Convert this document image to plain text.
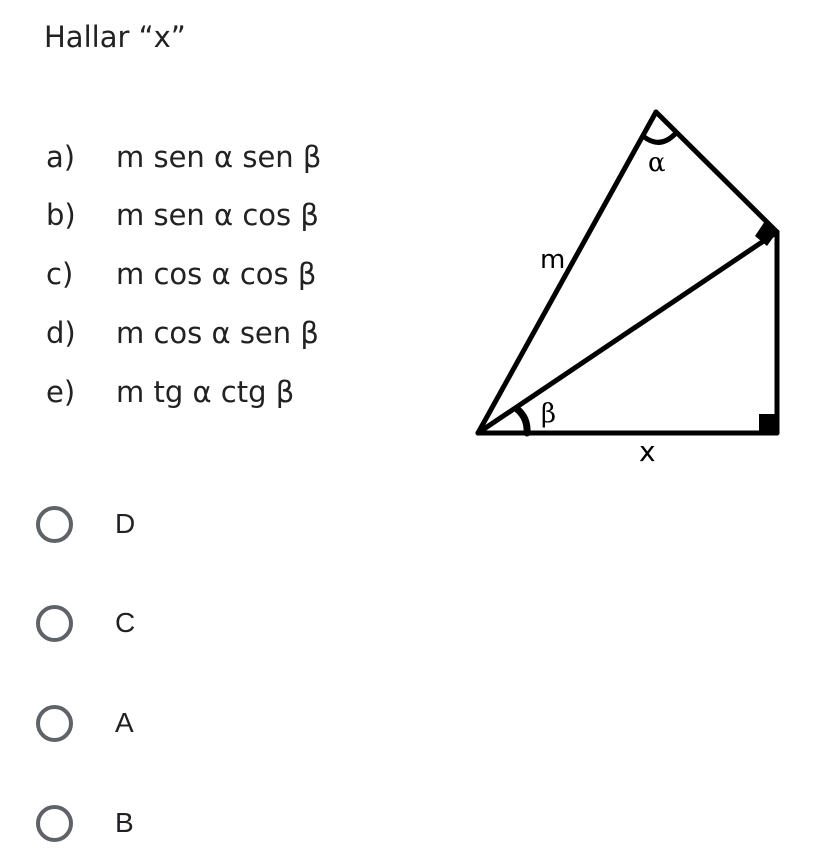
Hallar “x”
a)	m sen α sen β
b)	m sen α cos β
c)	m cos α cos β
d)	m cos α sen β
e)	m tg α ctg β
m
α
β
x
D
C
A
B
